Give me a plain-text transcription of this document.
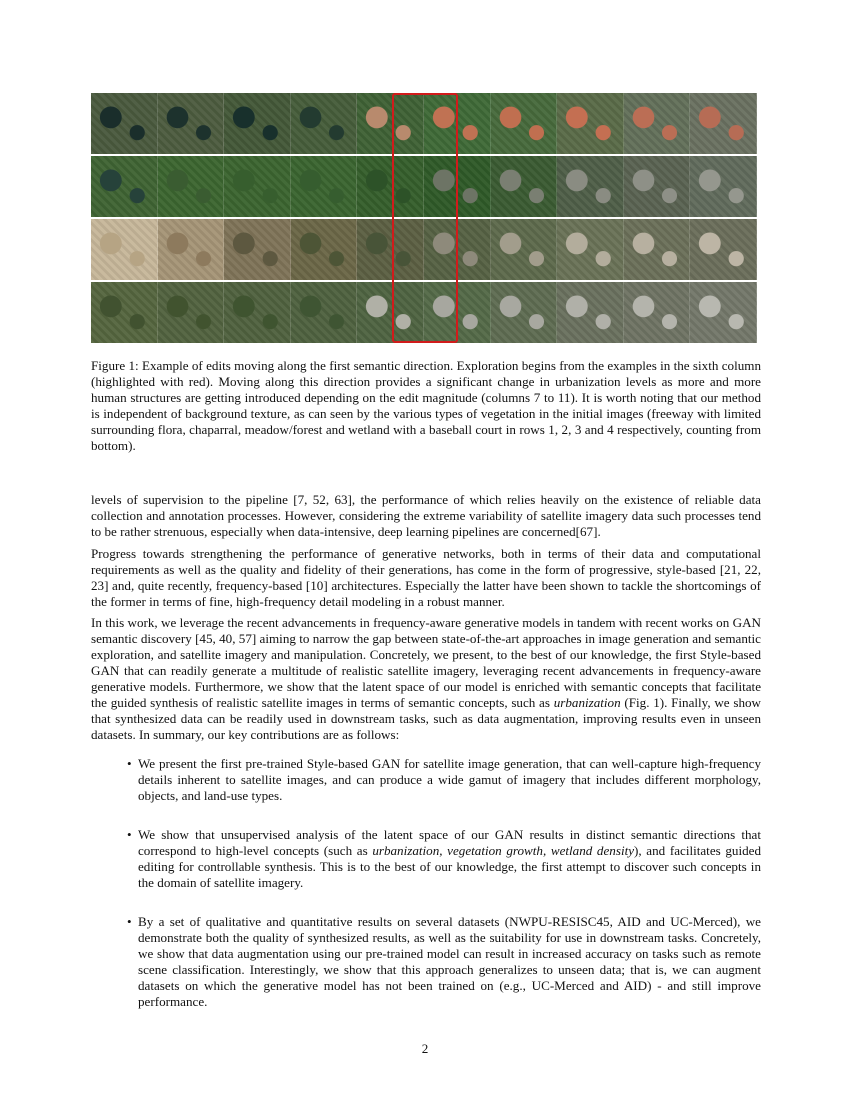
Figure 1: Example of edits moving along the first semantic direction. Exploration begins from the examples in the sixth column (highlighted with red). Moving along this direction provides a significant change in urbanization levels as more and more human structures are getting introduced depending on the edit magnitude (columns 7 to 11). It is worth noting that our method is independent of background texture, as can seen by the various types of vegetation in the initial images (freeway with limited surrounding flora, chaparral, meadow/forest and wetland with a baseball court in rows 1, 2, 3 and 4 respectively, counting from bottom).

levels of supervision to the pipeline [7, 52, 63], the performance of which relies heavily on the existence of reliable data collection and annotation processes. However, considering the extreme variability of satellite imagery data such processes tend to be rather strenuous, especially when data-intensive, deep learning pipelines are concerned[67].

Progress towards strengthening the performance of generative networks, both in terms of their data and computational requirements as well as the quality and fidelity of their generations, has come in the form of progressive, style-based [21, 22, 23] and, quite recently, frequency-based [10] architectures. Especially the latter have been shown to tackle the shortcomings of the former in terms of fine, high-frequency detail modeling in a robust manner.

In this work, we leverage the recent advancements in frequency-aware generative models in tandem with recent works on GAN semantic discovery [45, 40, 57] aiming to narrow the gap between state-of-the-art approaches in image generation and semantic exploration, and satellite imagery and manipulation. Concretely, we present, to the best of our knowledge, the first Style-based GAN that can readily generate a multitude of realistic satellite imagery, leveraging recent advancements in frequency-aware generative models. Furthermore, we show that the latent space of our model is enriched with semantic concepts that facilitate the guided synthesis of realistic satellite images in terms of semantic concepts, such as urbanization (Fig. 1). Finally, we show that synthesized data can be readily used in downstream tasks, such as data augmentation, improving results even in unseen datasets. In summary, our key contributions are as follows:

• We present the first pre-trained Style-based GAN for satellite image generation, that can well-capture high-frequency details inherent to satellite images, and can produce a wide gamut of imagery that includes different morphology, objects, and land-use types.
• We show that unsupervised analysis of the latent space of our GAN results in distinct semantic directions that correspond to high-level concepts (such as urbanization, vegetation growth, wetland density), and facilitates guided editing for controllable synthesis. This is to the best of our knowledge, the first attempt to discover such concepts in the domain of satellite imagery.
• By a set of qualitative and quantitative results on several datasets (NWPU-RESISC45, AID and UC-Merced), we demonstrate both the quality of synthesized results, as well as the suitability for use in downstream tasks. Concretely, we show that data augmentation using our pre-trained model can result in increased accuracy on tasks such as remote scene classification. Interestingly, we show that this approach generalizes to unseen data; that is, we can augment datasets on which the generative model has not been trained on (e.g., UC-Merced and AID) - and still improve performance.
2
